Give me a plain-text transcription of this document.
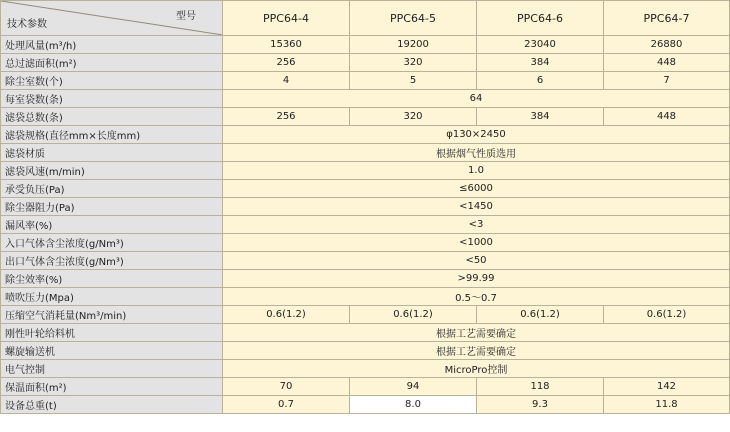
型号
技术参数	PPC64-4	PPC64-5	PPC64-6	PPC64-7
处理风量(m³/h)	15360	19200	23040	26880
总过滤面积(m²)	256	320	384	448
除尘室数(个)	4	5	6	7
每室袋数(条)	64			
滤袋总数(条)	256	320	384	448
滤袋规格(直径mm×长度mm)	φ130×2450			
滤袋材质	根据烟气性质选用			
滤袋风速(m/min)	1.0			
承受负压(Pa)	≤6000			
除尘器阻力(Pa)	<1450			
漏风率(%)	<3			
入口气体含尘浓度(g/Nm³)	<1000			
出口气体含尘浓度(g/Nm³)	<50			
除尘效率(%)	>99.99			
喷吹压力(Mpa)	0.5～0.7			
压缩空气消耗量(Nm³/min)	0.6(1.2)	0.6(1.2)	0.6(1.2)	0.6(1.2)
刚性叶轮给料机	根据工艺需要确定			
螺旋输送机	根据工艺需要确定			
电气控制	MicroPro控制			
保温面积(m²)	70	94	118	142
设备总重(t)	0.7	8.0	9.3	11.8
